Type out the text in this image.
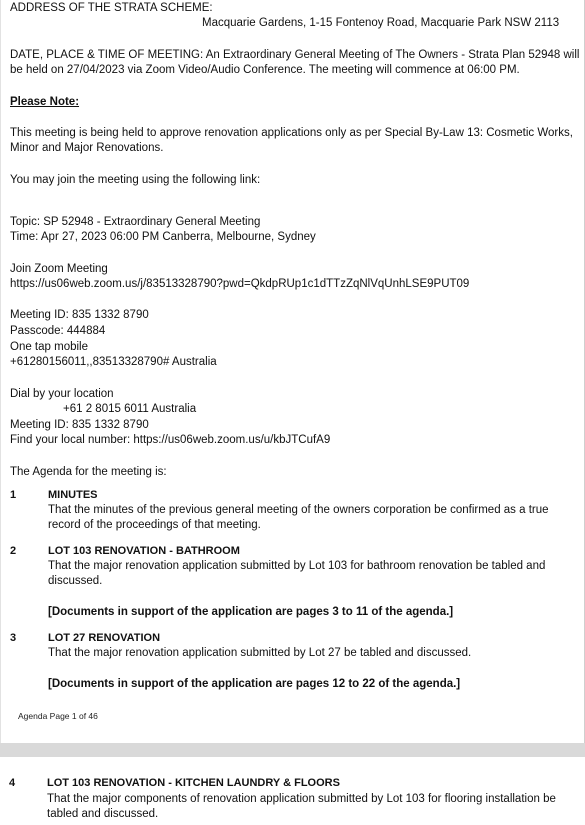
ADDRESS OF THE STRATA SCHEME:
Macquarie Gardens, 1-15 Fontenoy Road, Macquarie Park NSW 2113
DATE, PLACE & TIME OF MEETING: An Extraordinary General Meeting of The Owners - Strata Plan 52948 will
be held on 27/04/2023 via Zoom Video/Audio Conference. The meeting will commence at 06:00 PM.
Please Note:
This meeting is being held to approve renovation applications only as per Special By-Law 13: Cosmetic Works,
Minor and Major Renovations.
You may join the meeting using the following link:
Topic: SP 52948 - Extraordinary General Meeting
Time: Apr 27, 2023 06:00 PM Canberra, Melbourne, Sydney
Join Zoom Meeting
https://us06web.zoom.us/j/83513328790?pwd=QkdpRUp1c1dTTzZqNlVqUnhLSE9PUT09
Meeting ID: 835 1332 8790
Passcode: 444884
One tap mobile
+61280156011,,83513328790# Australia
Dial by your location
+61 2 8015 6011 Australia
Meeting ID: 835 1332 8790
Find your local number: https://us06web.zoom.us/u/kbJTCufA9
The Agenda for the meeting is:
1	MINUTES
That the minutes of the previous general meeting of the owners corporation be confirmed as a true record of the proceedings of that meeting.
2	LOT 103 RENOVATION - BATHROOM
That the major renovation application submitted by Lot 103 for bathroom renovation be tabled and discussed.
[Documents in support of the application are pages 3 to 11 of the agenda.]
3	LOT 27 RENOVATION
That the major renovation application submitted by Lot 27 be tabled and discussed.
[Documents in support of the application are pages 12 to 22 of the agenda.]
Agenda Page 1 of 46
4	LOT 103 RENOVATION - KITCHEN LAUNDRY & FLOORS
That the major components of renovation application submitted by Lot 103 for flooring installation be tabled and discussed.
